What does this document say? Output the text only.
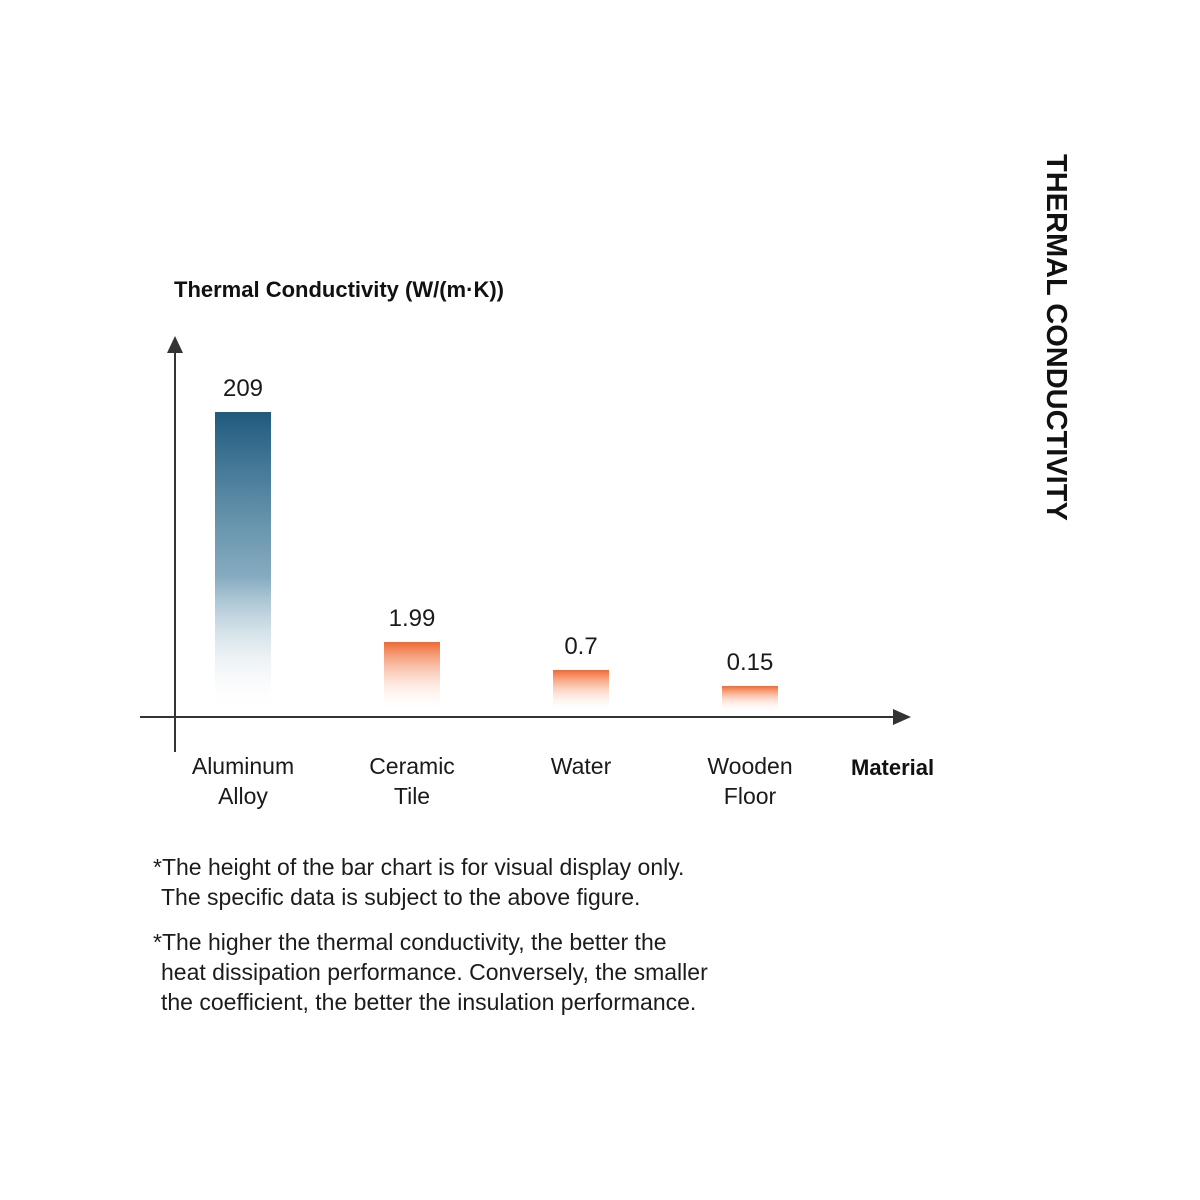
Thermal Conductivity (W/(m·K))
Material
209
Aluminum
Alloy
1.99
Ceramic
Tile
0.7
Water
0.15
Wooden
Floor
THERMAL CONDUCTIVITY
*The height of the bar chart is for visual display only.
The specific data is subject to the above figure.
*The higher the thermal conductivity, the better the
heat dissipation performance. Conversely, the smaller
the coefficient, the better the insulation performance.
